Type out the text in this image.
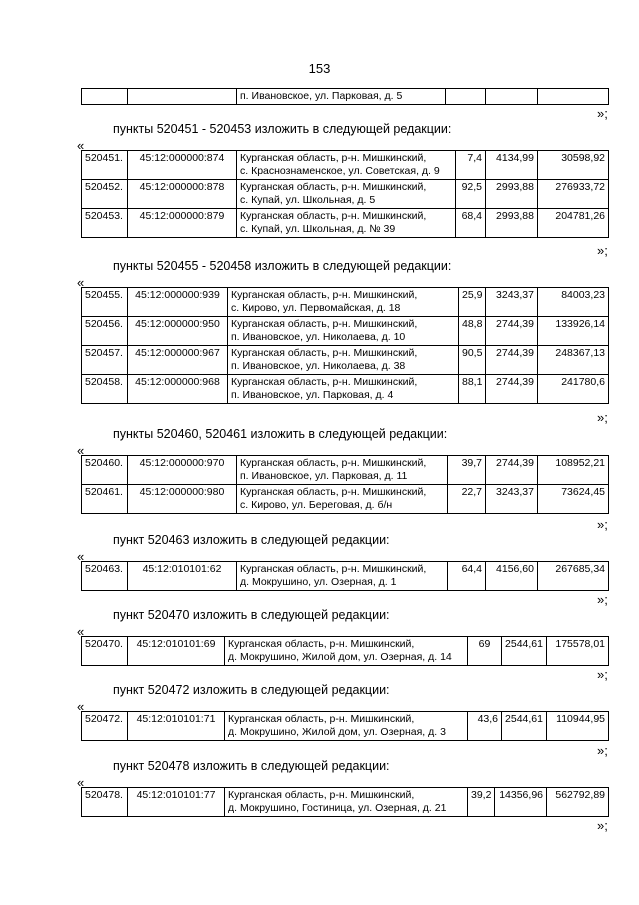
153
		п. Ивановское, ул. Парковая, д. 5			
»;
пункты 520451 - 520453 изложить в следующей редакции:
«
520451.	45:12:000000:874	Курганская область, р-н. Мишкинский,
с. Краснознаменское, ул. Советская, д. 9	7,4	4134,99	30598,92
520452.	45:12:000000:878	Курганская область, р-н. Мишкинский,
с. Купай, ул. Школьная, д. 5	92,5	2993,88	276933,72
520453.	45:12:000000:879	Курганская область, р-н. Мишкинский,
с. Купай, ул. Школьная, д. № 39	68,4	2993,88	204781,26
»;
пункты 520455 - 520458 изложить в следующей редакции:
«
520455.	45:12:000000:939	Курганская область, р-н. Мишкинский,
с. Кирово, ул. Первомайская, д. 18	25,9	3243,37	84003,23
520456.	45:12:000000:950	Курганская область, р-н. Мишкинский,
п. Ивановское, ул. Николаева, д. 10	48,8	2744,39	133926,14
520457.	45:12:000000:967	Курганская область, р-н. Мишкинский,
п. Ивановское, ул. Николаева, д. 38	90,5	2744,39	248367,13
520458.	45:12:000000:968	Курганская область, р-н. Мишкинский,
п. Ивановское, ул. Парковая, д. 4	88,1	2744,39	241780,6
»;
пункты 520460, 520461 изложить в следующей редакции:
«
520460.	45:12:000000:970	Курганская область, р-н. Мишкинский,
п. Ивановское, ул. Парковая, д. 11	39,7	2744,39	108952,21
520461.	45:12:000000:980	Курганская область, р-н. Мишкинский,
с. Кирово, ул. Береговая, д. б/н	22,7	3243,37	73624,45
»;
пункт 520463 изложить в следующей редакции:
«
520463.	45:12:010101:62	Курганская область, р-н. Мишкинский,
д. Мокрушино, ул. Озерная, д. 1
	64,4	4156,60	267685,34
»;
пункт 520470 изложить в следующей редакции:
«
520470.	45:12:010101:69	Курганская область, р-н. Мишкинский,
д. Мокрушино, Жилой дом, ул. Озерная, д. 14
	69	2544,61	175578,01
»;
пункт 520472 изложить в следующей редакции:
«
520472.	45:12:010101:71	Курганская область, р-н. Мишкинский,
д. Мокрушино, Жилой дом, ул. Озерная, д. 3
	43,6	2544,61	110944,95
»;
пункт 520478 изложить в следующей редакции:
«
520478.	45:12:010101:77	Курганская область, р-н. Мишкинский,
д. Мокрушино, Гостиница, ул. Озерная, д. 21
	39,2	14356,96	562792,89
»;
